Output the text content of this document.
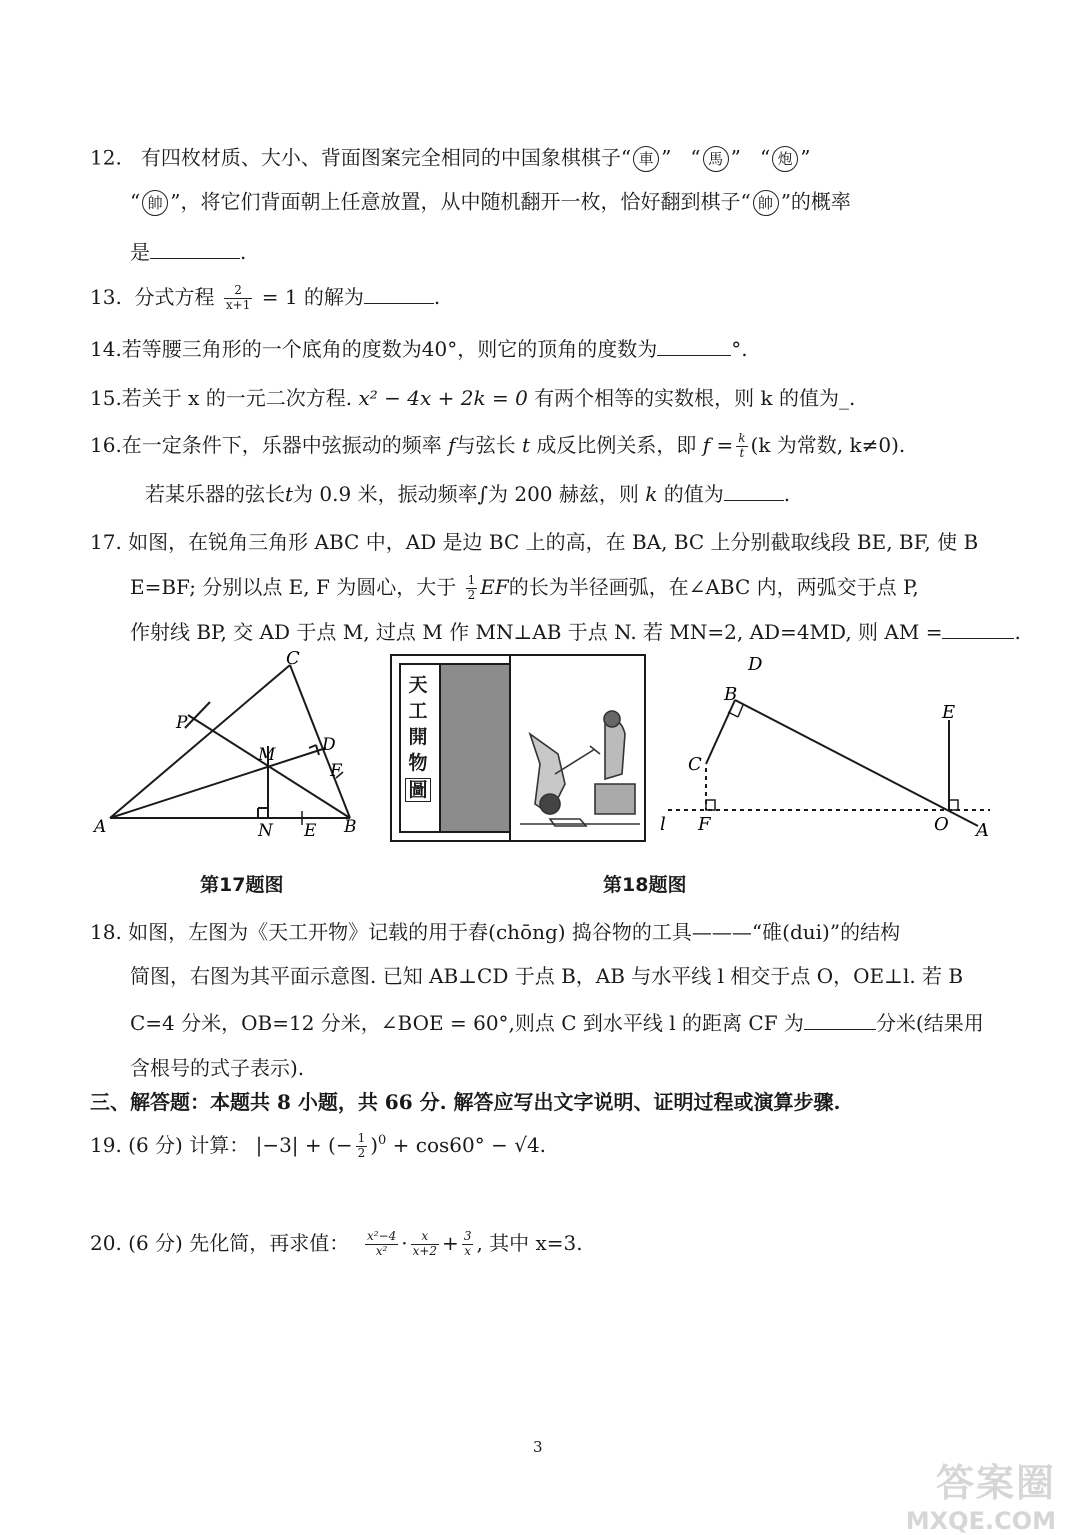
12. 有四枚材质、大小、背面图案完全相同的中国象棋棋子“ 車 ”   “ 馬 ”   “ 炮 ”
“ 帥 ”，将它们背面朝上任意放置，从中随机翻开一枚，恰好翻到棋子“ 帥 ”的概率
是	.
13. 分式方程 $\frac{2}{x+1} = 1$ 的解为	.
14.若等腰三角形的一个底角的度数为40°，则它的顶角的度数为	°.
15.若关于 x 的一元二次方程. x² − 4x + 2k = 0 有两个相等的实数根，则 k 的值为_.
16.在一定条件下，乐器中弦振动的频率 f与弦长 t 成反比例关系，即 $f = \frac{k}{t} (k$ 为常数, k≠0).
若某乐器的弦长t为 0.9 米，振动频率∫为 200 赫兹，则 k 的值为	.
17. 如图，在锐角三角形 ABC 中，AD 是边 BC 上的高，在 BA, BC 上分别截取线段 BE, BF, 使 B
E=BF; 分别以点 E, F 为圆心，大于 $\frac{1}{2}$ EF的长为半径画弧，在∠ABC 内，两弧交于点 P,
作射线 BP, 交 AD 于点 M, 过点 M 作 MN⊥AB 于点 N. 若 MN=2, AD=4MD, 则 AM =	.
C
P
D
M
F
A	N E B
第17题图
天
工
開
物
圖
D
B
C
E
l F	O A
第18题图
18. 如图，左图为《天工开物》记载的用于舂(chōng) 捣谷物的工具———“碓(dui)”的结构
简图，右图为其平面示意图. 已知 AB⊥CD 于点 B，AB 与水平线 l 相交于点 O，OE⊥l. 若 B
C=4 分米，OB=12 分米，∠BOE = 60°,则点 C 到水平线 l 的距离 CF 为	分米(结果用
含根号的式子表示).
三、解答题：本题共 8 小题，共 66 分. 解答应写出文字说明、证明过程或演算步骤.
19. (6 分) 计算： |−3| + (− $\frac{1}{2} )^0 + \cos 60^\circ - √4$.
20. (6 分) 先化简，再求值： $\frac{\text{x²−4}}{\text{x²}} \cdot \frac{x}{x+2} + \frac{3}{x}$ , 其中 x=3.
3
答案圈
MXQE.COM
